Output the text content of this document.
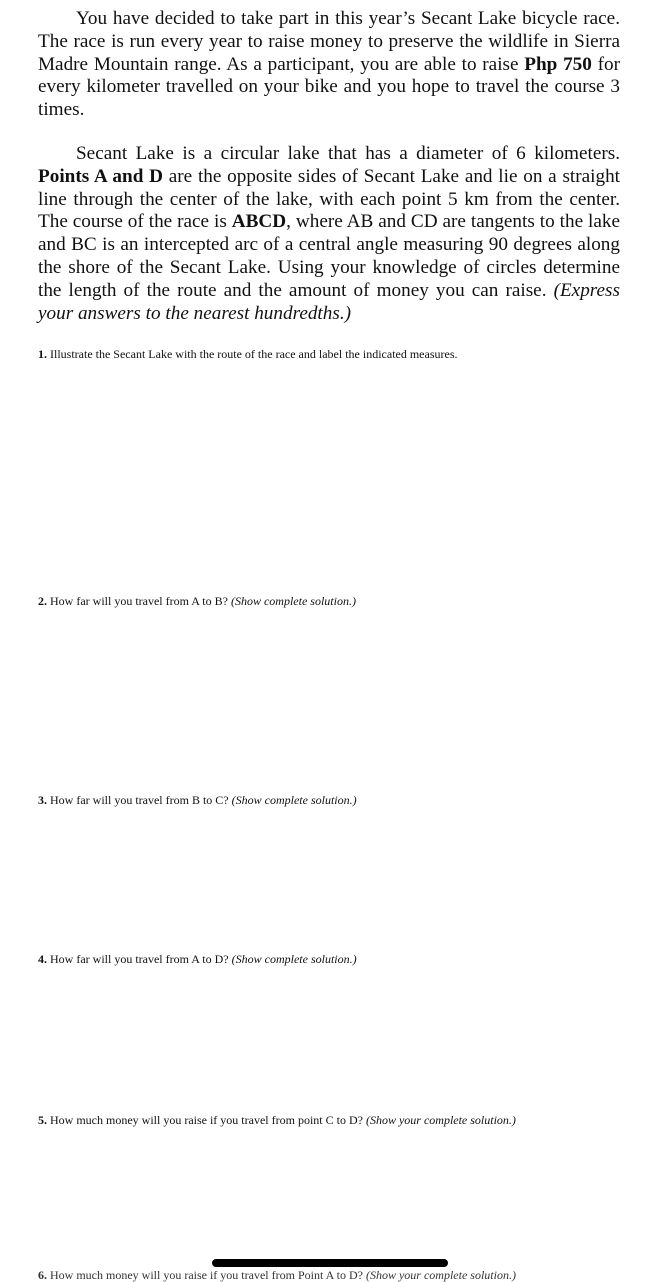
You have decided to take part in this year’s Secant Lake bicycle race. The race is run every year to raise money to preserve the wildlife in Sierra Madre Mountain range. As a participant, you are able to raise Php 750 for every kilometer travelled on your bike and you hope to travel the course 3 times.

Secant Lake is a circular lake that has a diameter of 6 kilometers. Points A and D are the opposite sides of Secant Lake and lie on a straight line through the center of the lake, with each point 5 km from the center. The course of the race is ABCD, where AB and CD are tangents to the lake and BC is an intercepted arc of a central angle measuring 90 degrees along the shore of the Secant Lake. Using your knowledge of circles determine the length of the route and the amount of money you can raise. (Express your answers to the nearest hundredths.)

1. Illustrate the Secant Lake with the route of the race and label the indicated measures.

2. How far will you travel from A to B? (Show complete solution.)

3. How far will you travel from B to C? (Show complete solution.)

4. How far will you travel from A to D? (Show complete solution.)

5. How much money will you raise if you travel from point C to D? (Show your complete solution.)

6. How much money will you raise if you travel from Point A to D? (Show your complete solution.)
